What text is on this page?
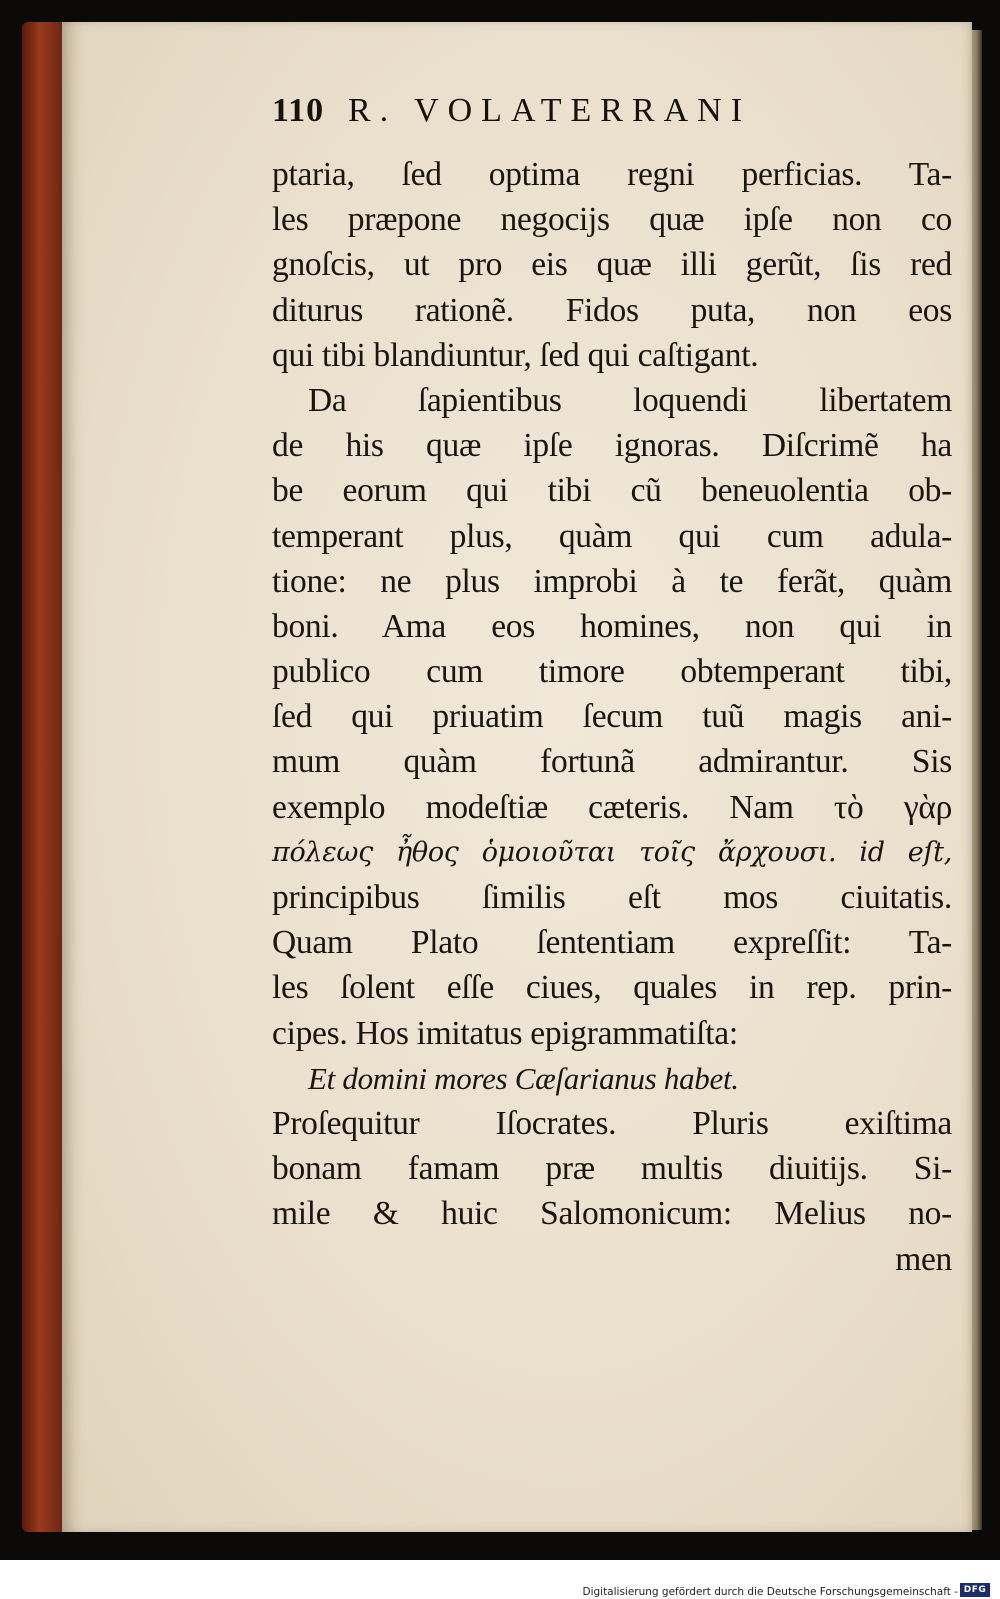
110 R. VOLATERRANI
ptaria, ſed optima regni perficias. Ta-
les præpone negocijs quæ ipſe non co
gnoſcis, ut pro eis quæ illi gerũt, ſis red
diturus rationẽ. Fidos puta, non eos
qui tibi blandiuntur, ſed qui caſtigant.
Da ſapientibus loquendi libertatem
de his quæ ipſe ignoras. Diſcrimẽ ha
be eorum qui tibi cũ beneuolentia ob-
temperant plus, quàm qui cum adula-
tione: ne plus improbi à te ferãt, quàm
boni. Ama eos homines, non qui in
publico cum timore obtemperant tibi,
ſed qui priuatim ſecum tuũ magis ani-
mum quàm fortunã admirantur. Sis
exemplo modeſtiæ cæteris. Nam τὸ γὰρ
πόλεως ἦθος ὁμοιοῦται τοῖς ἄρχουσι. id eſt,
principibus ſimilis eſt mos ciuitatis.
Quam Plato ſententiam expreſſit: Ta-
les ſolent eſſe ciues, quales in rep. prin-
cipes. Hos imitatus epigrammatiſta:
Et domini mores Cæſarianus habet.
Proſequitur Iſocrates. Pluris exiſtima
bonam famam præ multis diuitijs. Si-
mile & huic Salomonicum: Melius no-
men
Digitalisierung gefördert durch die Deutsche Forschungsgemeinschaft - DFG
